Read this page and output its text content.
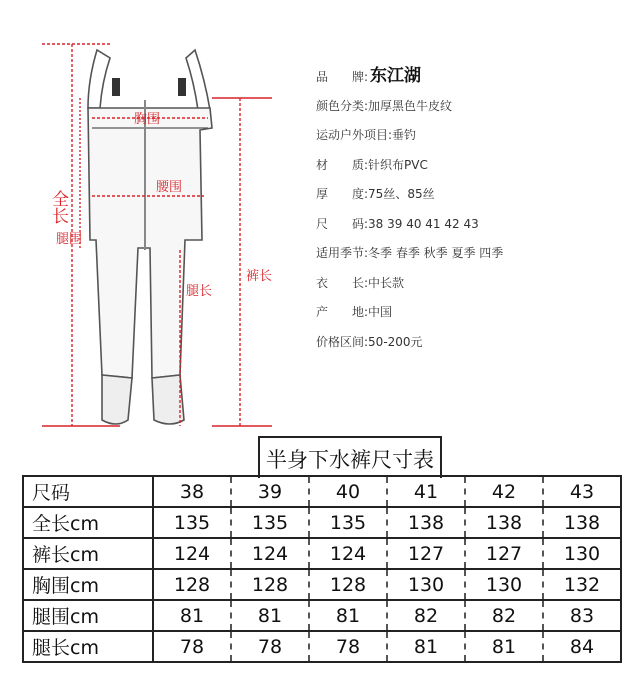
胸围
腰围
全长
腿围
腿长
裤长
品　　牌: 东江湖
颜色分类:加厚黑色牛皮纹
运动户外项目:垂钓
材　　质:针织布PVC
厚　　度:75丝、85丝
尺　　码:38 39 40 41 42 43
适用季节:冬季 春季 秋季 夏季 四季
衣　　长:中长款
产　　地:中国
价格区间:50-200元
半身下水裤尺寸表
尺码	38	39	40	41	42	43
全长cm	135	135	135	138	138	138
裤长cm	124	124	124	127	127	130
胸围cm	128	128	128	130	130	132
腿围cm	81	81	81	82	82	83
腿长cm	78	78	78	81	81	84
